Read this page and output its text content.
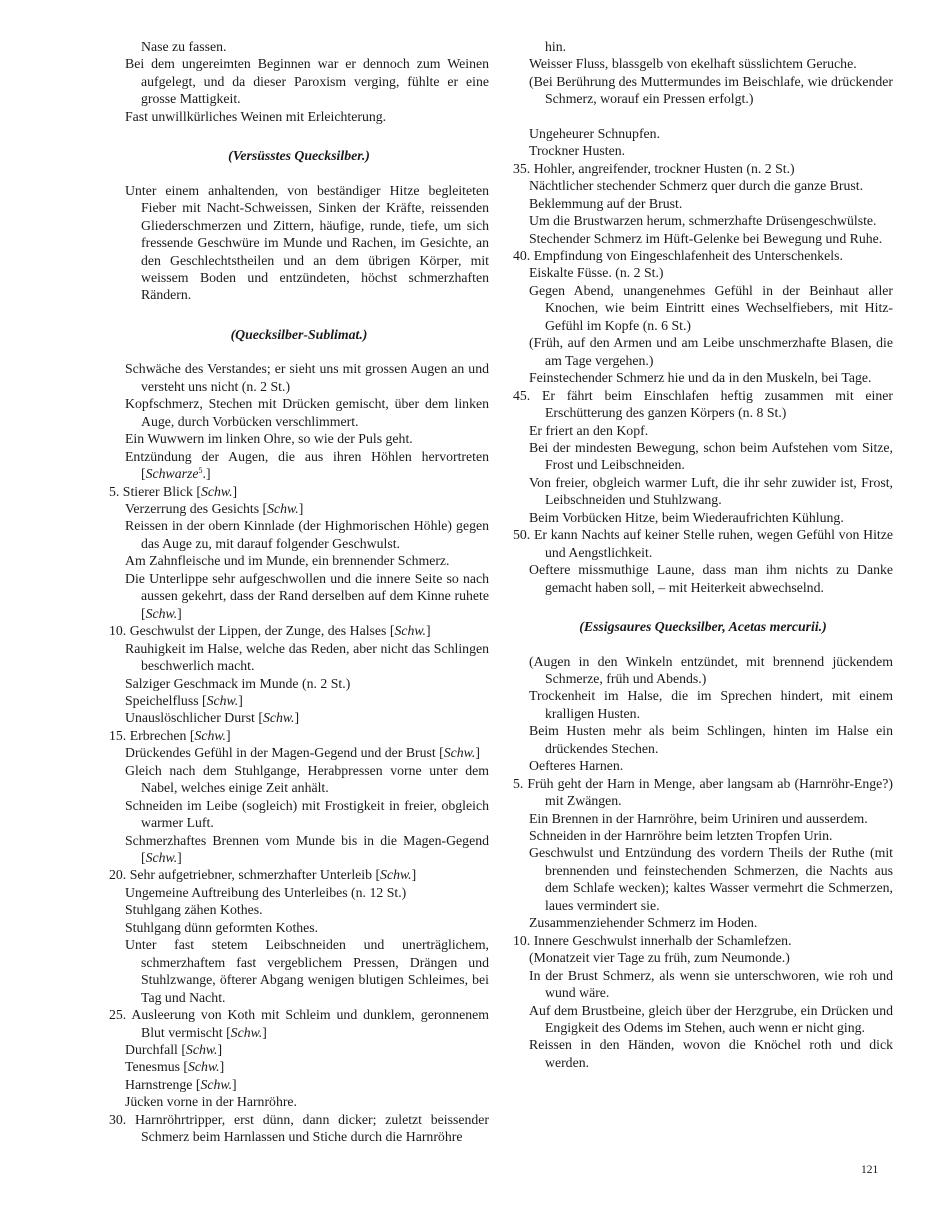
Nase zu fassen.
Bei dem ungereimten Beginnen war er dennoch zum Weinen aufgelegt, und da dieser Paroxism verging, fühlte er eine grosse Mattigkeit.
Fast unwillkürliches Weinen mit Erleichterung.
(Versüsstes Quecksilber.)
Unter einem anhaltenden, von beständiger Hitze begleiteten Fieber mit Nacht-Schweissen, Sinken der Kräfte, reissenden Gliederschmerzen und Zittern, häufige, runde, tiefe, um sich fressende Geschwüre im Munde und Rachen, im Gesichte, an den Geschlechtstheilen und an dem übrigen Körper, mit weissem Boden und entzündeten, höchst schmerzhaften Rändern.
(Quecksilber-Sublimat.)
Schwäche des Verstandes; er sieht uns mit grossen Augen an und versteht uns nicht (n. 2 St.)
Kopfschmerz, Stechen mit Drücken gemischt, über dem linken Auge, durch Vorbücken verschlimmert.
Ein Wuwwern im linken Ohre, so wie der Puls geht.
Entzündung der Augen, die aus ihren Höhlen hervortreten [Schwarze$^5$.]
5. Stierer Blick [Schw.]
Verzerrung des Gesichts [Schw.]
Reissen in der obern Kinnlade (der Highmorischen Höhle) gegen das Auge zu, mit darauf folgender Geschwulst.
Am Zahnfleische und im Munde, ein brennender Schmerz.
Die Unterlippe sehr aufgeschwollen und die innere Seite so nach aussen gekehrt, dass der Rand derselben auf dem Kinne ruhete [Schw.]
10. Geschwulst der Lippen, der Zunge, des Halses [Schw.]
Rauhigkeit im Halse, welche das Reden, aber nicht das Schlingen beschwerlich macht.
Salziger Geschmack im Munde (n. 2 St.)
Speichelfluss [Schw.]
Unauslöschlicher Durst [Schw.]
15. Erbrechen [Schw.]
Drückendes Gefühl in der Magen-Gegend und der Brust [Schw.]
Gleich nach dem Stuhlgange, Herabpressen vorne unter dem Nabel, welches einige Zeit anhält.
Schneiden im Leibe (sogleich) mit Frostigkeit in freier, obgleich warmer Luft.
Schmerzhaftes Brennen vom Munde bis in die Magen-Gegend [Schw.]
20. Sehr aufgetriebner, schmerzhafter Unterleib [Schw.]
Ungemeine Auftreibung des Unterleibes (n. 12 St.)
Stuhlgang zähen Kothes.
Stuhlgang dünn geformten Kothes.
Unter fast stetem Leibschneiden und unerträglichem, schmerzhaftem fast vergeblichem Pressen, Drängen und Stuhlzwange, öfterer Abgang wenigen blutigen Schleimes, bei Tag und Nacht.
25. Ausleerung von Koth mit Schleim und dunklem, geronnenem Blut vermischt [Schw.]
Durchfall [Schw.]
Tenesmus [Schw.]
Harnstrenge [Schw.]
Jücken vorne in der Harnröhre.
30. Harnröhrtripper, erst dünn, dann dicker; zuletzt beissender Schmerz beim Harnlassen und Stiche durch die Harnröhre
hin.
Weisser Fluss, blassgelb von ekelhaft süsslichtem Geruche.
(Bei Berührung des Muttermundes im Beischlafe, wie drückender Schmerz, worauf ein Pressen erfolgt.)
Ungeheurer Schnupfen.
Trockner Husten.
35. Hohler, angreifender, trockner Husten (n. 2 St.)
Nächtlicher stechender Schmerz quer durch die ganze Brust.
Beklemmung auf der Brust.
Um die Brustwarzen herum, schmerzhafte Drüsengeschwülste.
Stechender Schmerz im Hüft-Gelenke bei Bewegung und Ruhe.
40. Empfindung von Eingeschlafenheit des Unterschenkels.
Eiskalte Füsse. (n. 2 St.)
Gegen Abend, unangenehmes Gefühl in der Beinhaut aller Knochen, wie beim Eintritt eines Wechselfiebers, mit Hitz-Gefühl im Kopfe (n. 6 St.)
(Früh, auf den Armen und am Leibe unschmerzhafte Blasen, die am Tage vergehen.)
Feinstechender Schmerz hie und da in den Muskeln, bei Tage.
45. Er fährt beim Einschlafen heftig zusammen mit einer Erschütterung des ganzen Körpers (n. 8 St.)
Er friert an den Kopf.
Bei der mindesten Bewegung, schon beim Aufstehen vom Sitze, Frost und Leibschneiden.
Von freier, obgleich warmer Luft, die ihr sehr zuwider ist, Frost, Leibschneiden und Stuhlzwang.
Beim Vorbücken Hitze, beim Wiederaufrichten Kühlung.
50. Er kann Nachts auf keiner Stelle ruhen, wegen Gefühl von Hitze und Aengstlichkeit.
Oeftere missmuthige Laune, dass man ihm nichts zu Danke gemacht haben soll, – mit Heiterkeit abwechselnd.
(Essigsaures Quecksilber, Acetas mercurii.)
(Augen in den Winkeln entzündet, mit brennend jückendem Schmerze, früh und Abends.)
Trockenheit im Halse, die im Sprechen hindert, mit einem kralligen Husten.
Beim Husten mehr als beim Schlingen, hinten im Halse ein drückendes Stechen.
Oefteres Harnen.
5. Früh geht der Harn in Menge, aber langsam ab (Harnröhr-Enge?) mit Zwängen.
Ein Brennen in der Harnröhre, beim Uriniren und ausserdem.
Schneiden in der Harnröhre beim letzten Tropfen Urin.
Geschwulst und Entzündung des vordern Theils der Ruthe (mit brennenden und feinstechenden Schmerzen, die Nachts aus dem Schlafe wecken); kaltes Wasser vermehrt die Schmerzen, laues vermindert sie.
Zusammenziehender Schmerz im Hoden.
10. Innere Geschwulst innerhalb der Schamlefzen.
(Monatzeit vier Tage zu früh, zum Neumonde.)
In der Brust Schmerz, als wenn sie unterschworen, wie roh und wund wäre.
Auf dem Brustbeine, gleich über der Herzgrube, ein Drücken und Engigkeit des Odems im Stehen, auch wenn er nicht ging.
Reissen in den Händen, wovon die Knöchel roth und dick werden.
121
